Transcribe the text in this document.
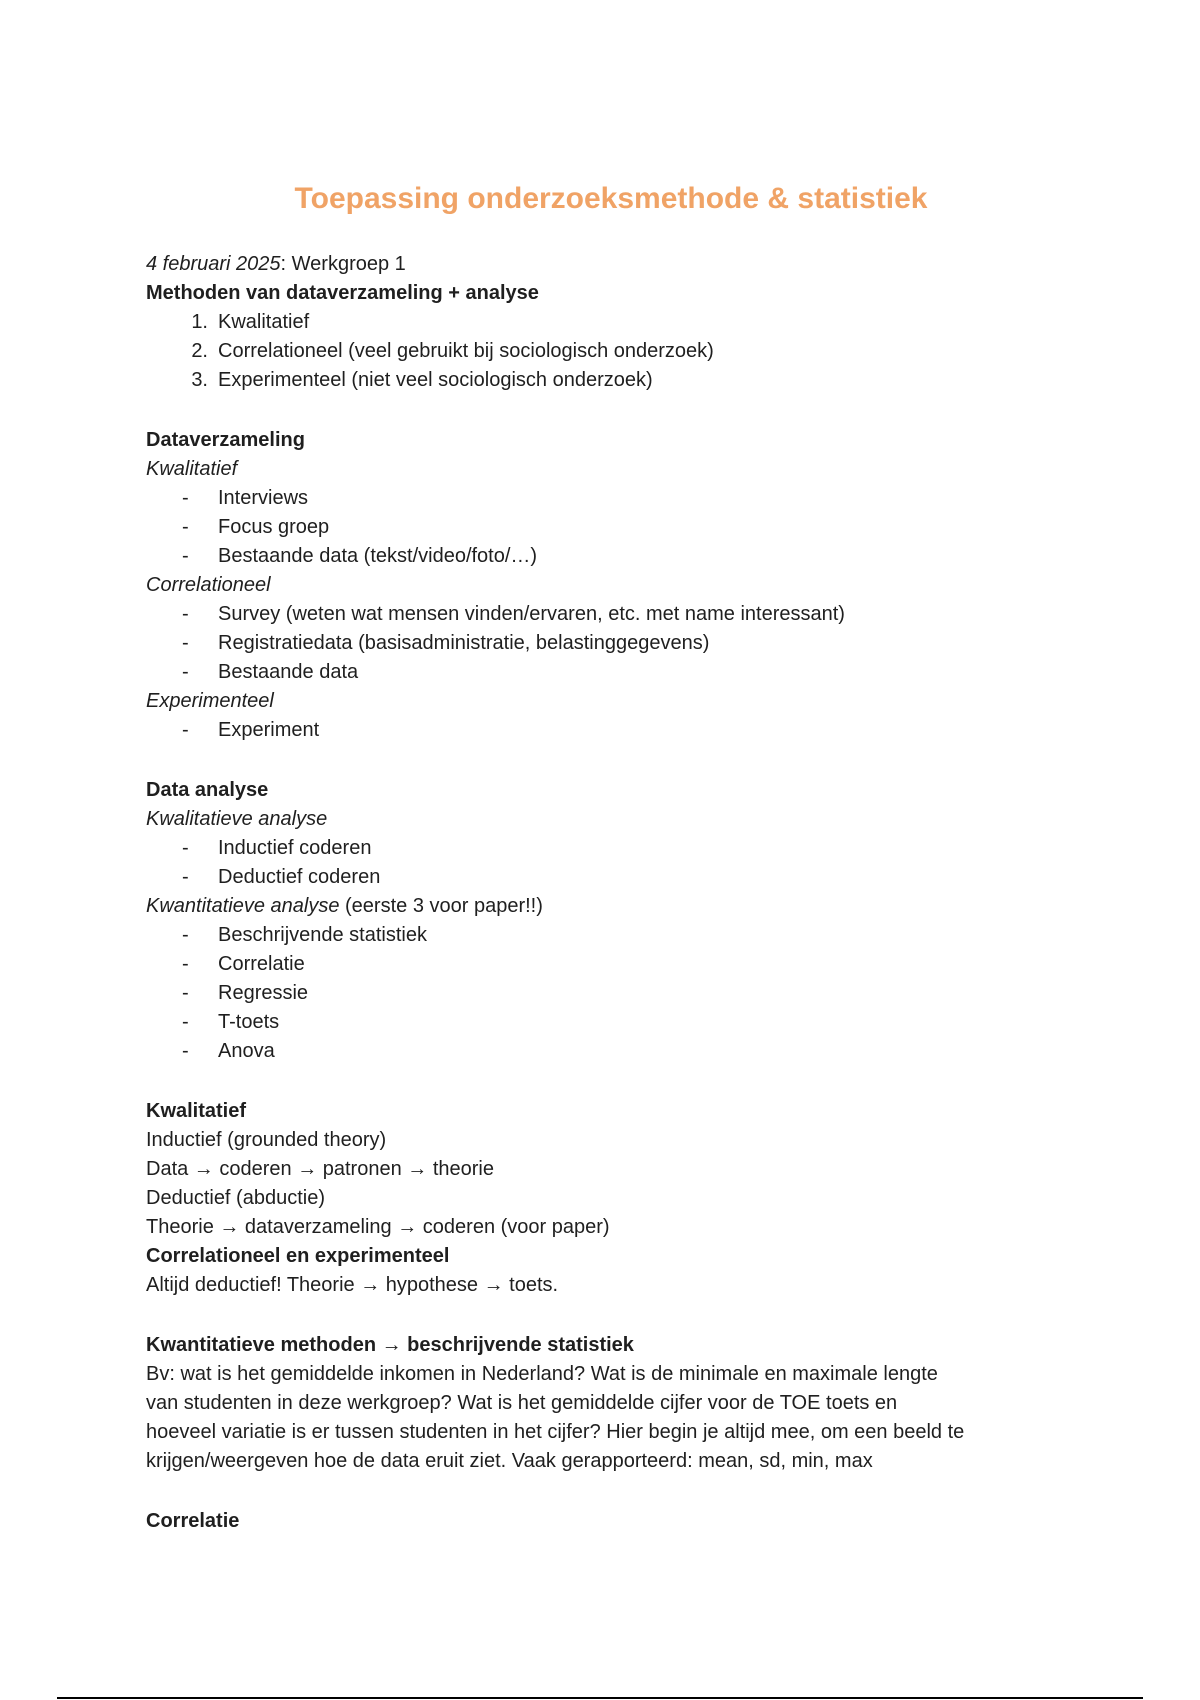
Toepassing onderzoeksmethode & statistiek

4 februari 2025: Werkgroep 1

Methoden van dataverzameling + analyse

1. Kwalitatief
2. Correlationeel (veel gebruikt bij sociologisch onderzoek)
3. Experimenteel (niet veel sociologisch onderzoek)

Dataverzameling

Kwalitatief

-	Interviews
-	Focus groep
-	Bestaande data (tekst/video/foto/…)

Correlationeel

-	Survey (weten wat mensen vinden/ervaren, etc. met name interessant)
-	Registratiedata (basisadministratie, belastinggegevens)
-	Bestaande data

Experimenteel

-	Experiment

Data analyse

Kwalitatieve analyse

-	Inductief coderen
-	Deductief coderen

Kwantitatieve analyse (eerste 3 voor paper!!)

-	Beschrijvende statistiek
-	Correlatie
-	Regressie
-	T-toets
-	Anova

Kwalitatief

Inductief (grounded theory)

Data → coderen → patronen → theorie

Deductief (abductie)

Theorie → dataverzameling → coderen (voor paper)

Correlationeel en experimenteel

Altijd deductief! Theorie → hypothese → toets.

Kwantitatieve methoden → beschrijvende statistiek

Bv: wat is het gemiddelde inkomen in Nederland? Wat is de minimale en maximale lengte

van studenten in deze werkgroep? Wat is het gemiddelde cijfer voor de TOE toets en

hoeveel variatie is er tussen studenten in het cijfer? Hier begin je altijd mee, om een beeld te

krijgen/weergeven hoe de data eruit ziet. Vaak gerapporteerd: mean, sd, min, max

Correlatie
